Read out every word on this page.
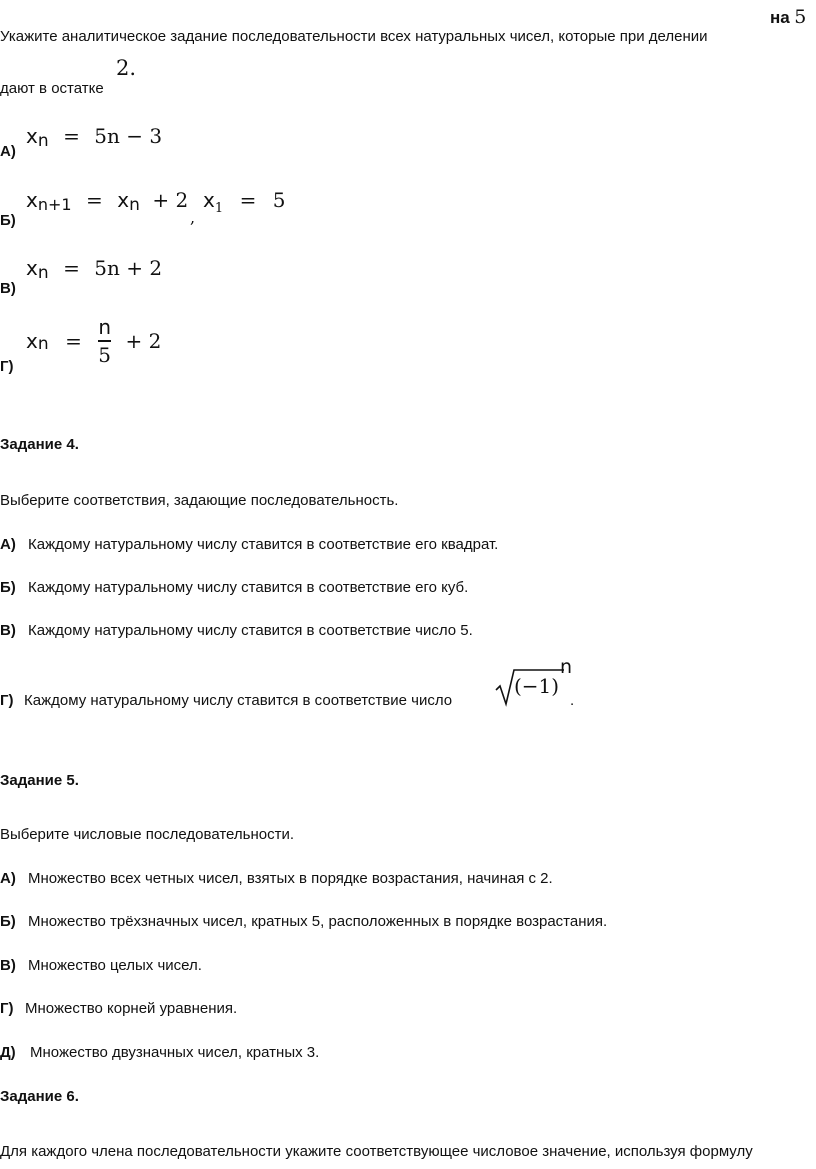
на 5
Укажите аналитическое задание последовательности всех натуральных чисел, которые при делении
дают в остатке
2.
А)
xn = 5n − 3
Б)
xn+1 = xn + 2
,
$x_1 = 5$
В)
xn = 5n + 2
Г)
xn = $\frac{n}{5} + 2$
Задание 4.
Выберите соответствия, задающие последовательность.
А) Каждому натуральному числу ставится в соответствие его квадрат.
Б) Каждому натуральному числу ставится в соответствие его куб.
В) Каждому натуральному числу ставится в соответствие число 5.
Г) Каждому натуральному числу ставится в соответствие число
(−1)
n
.
Задание 5.
Выберите числовые последовательности.
А) Множество всех четных чисел, взятых в порядке возрастания, начиная с 2.
Б) Множество трёхзначных чисел, кратных 5, расположенных в порядке возрастания.
В) Множество целых чисел.
Г) Множество корней уравнения.
Д) Множество двузначных чисел, кратных 3.
Задание 6.
Для каждого члена последовательности укажите соответствующее числовое значение, используя формулу
